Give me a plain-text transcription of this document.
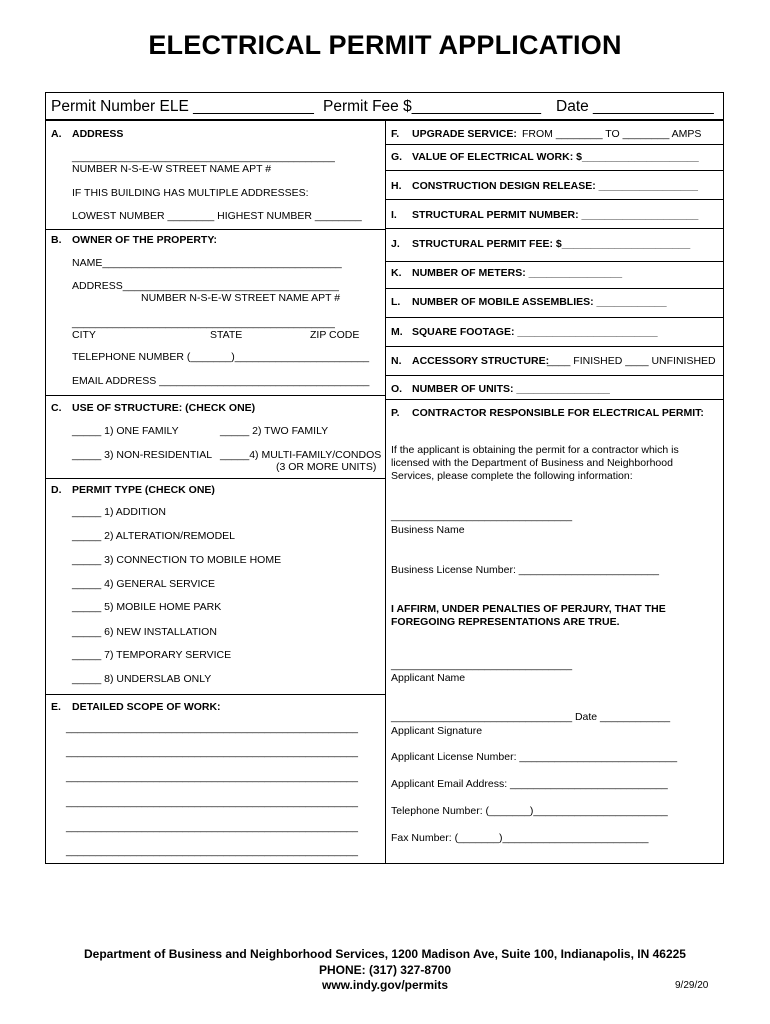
ELECTRICAL PERMIT APPLICATION
Permit Number ELE ______________ Permit Fee $_______________ Date ______________
A. ADDRESS
_____________________________________________
NUMBER N-S-E-W STREET NAME APT #
IF THIS BUILDING HAS MULTIPLE ADDRESSES:
LOWEST NUMBER ________ HIGHEST NUMBER ________
B. OWNER OF THE PROPERTY:
NAME_________________________________________
ADDRESS_____________________________________
NUMBER N-S-E-W STREET NAME APT #
_____________________________________________
CITY	STATE	ZIP CODE
TELEPHONE NUMBER (_______)_______________________
EMAIL ADDRESS ____________________________________
C. USE OF STRUCTURE: (CHECK ONE)
_____ 1) ONE FAMILY	_____ 2) TWO FAMILY
_____ 3) NON-RESIDENTIAL _____4) MULTI-FAMILY/CONDOS
(3 OR MORE UNITS)
D. PERMIT TYPE (CHECK ONE)
_____ 1) ADDITION
_____ 2) ALTERATION/REMODEL
_____ 3) CONNECTION TO MOBILE HOME
_____ 4) GENERAL SERVICE
_____ 5) MOBILE HOME PARK
_____ 6) NEW INSTALLATION
_____ 7) TEMPORARY SERVICE
_____ 8) UNDERSLAB ONLY
E. DETAILED SCOPE OF WORK:
__________________________________________________
__________________________________________________
__________________________________________________
__________________________________________________
__________________________________________________
__________________________________________________
F. UPGRADE SERVICE: FROM ________ TO ________ AMPS
G. VALUE OF ELECTRICAL WORK: $____________________
H. CONSTRUCTION DESIGN RELEASE: _________________
I. STRUCTURAL PERMIT NUMBER: ____________________
J. STRUCTURAL PERMIT FEE: $______________________
K. NUMBER OF METERS: ________________
L. NUMBER OF MOBILE ASSEMBLIES: ____________
M. SQUARE FOOTAGE: ________________________
N. ACCESSORY STRUCTURE:
____ FINISHED ____ UNFINISHED
O. NUMBER OF UNITS: ________________
P. CONTRACTOR RESPONSIBLE FOR ELECTRICAL PERMIT:
If the applicant is obtaining the permit for a contractor which is licensed with the Department of Business and Neighborhood Services, please complete the following information:
_______________________________
Business Name
Business License Number: ________________________
I AFFIRM, UNDER PENALTIES OF PERJURY, THAT THE FOREGOING REPRESENTATIONS ARE TRUE.
_______________________________
Applicant Name
_______________________________ Date ____________
Applicant Signature
Applicant License Number: ___________________________
Applicant Email Address: ___________________________
Telephone Number: (_______)_______________________
Fax Number: (_______)_________________________
Department of Business and Neighborhood Services, 1200 Madison Ave, Suite 100, Indianapolis, IN 46225
PHONE: (317) 327-8700
www.indy.gov/permits	9/29/20
